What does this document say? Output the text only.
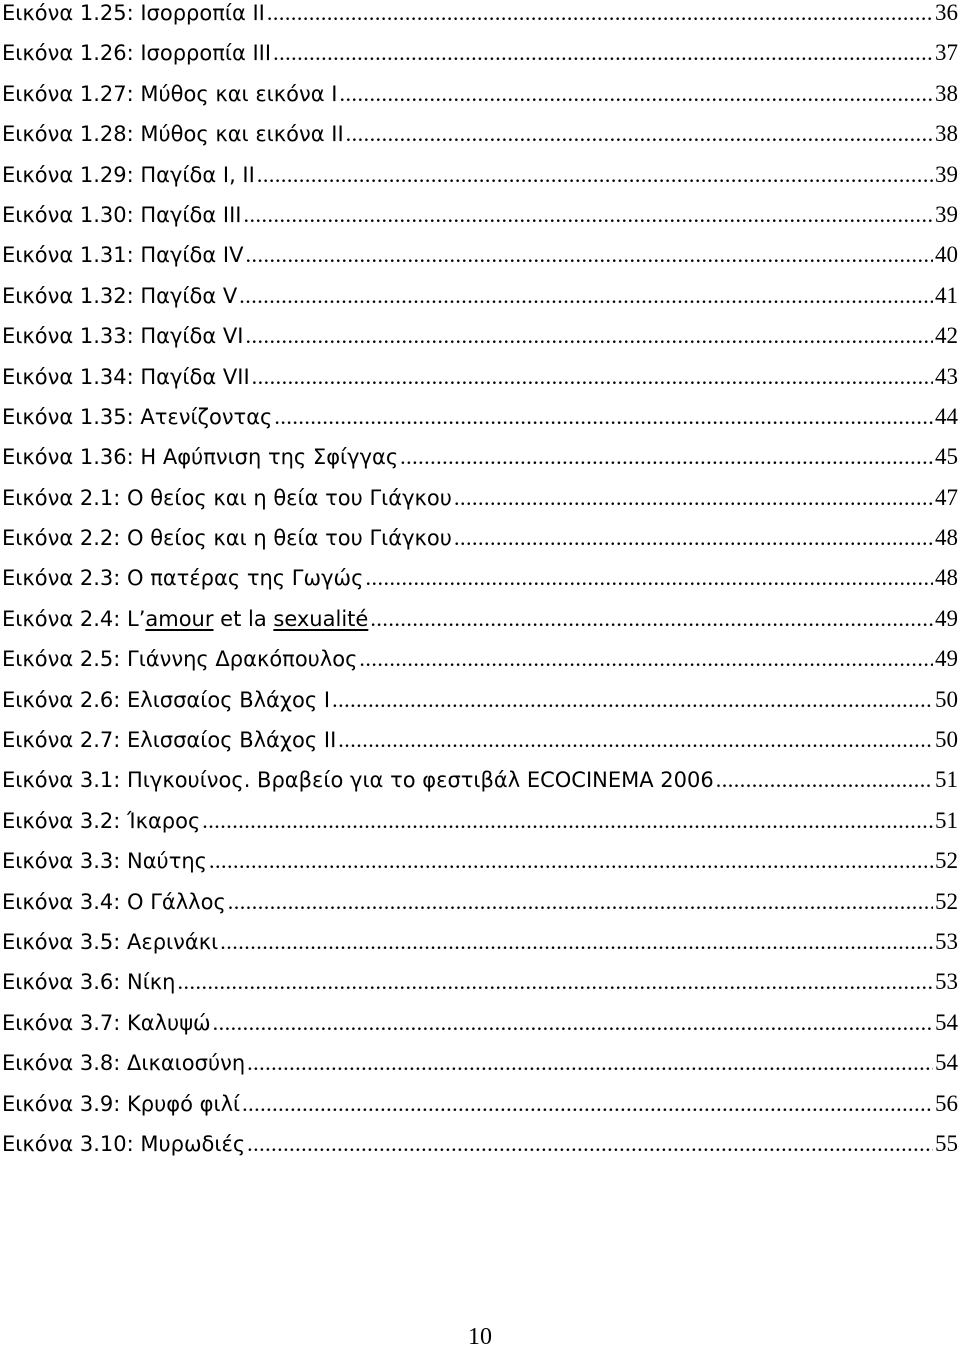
Εικόνα 1.25: Ισορροπία ΙΙ .....	36
Εικόνα 1.26: Ισορροπία ΙΙΙ .....	37
Εικόνα 1.27: Μύθος και εικόνα Ι .....	38
Εικόνα 1.28: Μύθος και εικόνα ΙΙ .....	38
Εικόνα 1.29: Παγίδα Ι, ΙΙ .....	39
Εικόνα 1.30: Παγίδα ΙΙΙ .....	39
Εικόνα 1.31: Παγίδα IV .....	40
Εικόνα 1.32: Παγίδα V .....	41
Εικόνα 1.33: Παγίδα VI .....	42
Εικόνα 1.34: Παγίδα VII .....	43
Εικόνα 1.35: Ατενίζοντας .....	44
Εικόνα 1.36: Η Αφύπνιση της Σφίγγας .....	45
Εικόνα 2.1: Ο θείος και η θεία του Γιάγκου .....	47
Εικόνα 2.2: Ο θείος και η θεία του Γιάγκου .....	48
Εικόνα 2.3: Ο πατέρας της Γωγώς .....	48
Εικόνα 2.4: L’amour et la sexualité .....	49
Εικόνα 2.5: Γιάννης Δρακόπουλος .....	49
Εικόνα 2.6: Ελισσαίος Βλάχος Ι .....	50
Εικόνα 2.7: Ελισσαίος Βλάχος ΙΙ .....	50
Εικόνα 3.1: Πιγκουίνος. Βραβείο για το φεστιβάλ ECOCINEMA 2006 .....	51
Εικόνα 3.2: Ίκαρος .....	51
Εικόνα 3.3: Ναύτης .....	52
Εικόνα 3.4: Ο Γάλλος .....	52
Εικόνα 3.5: Αερινάκι .....	53
Εικόνα 3.6: Νίκη .....	53
Εικόνα 3.7: Καλυψώ .....	54
Εικόνα 3.8: Δικαιοσύνη .....	54
Εικόνα 3.9: Κρυφό φιλί .....	56
Εικόνα 3.10: Μυρωδιές .....	55
10
